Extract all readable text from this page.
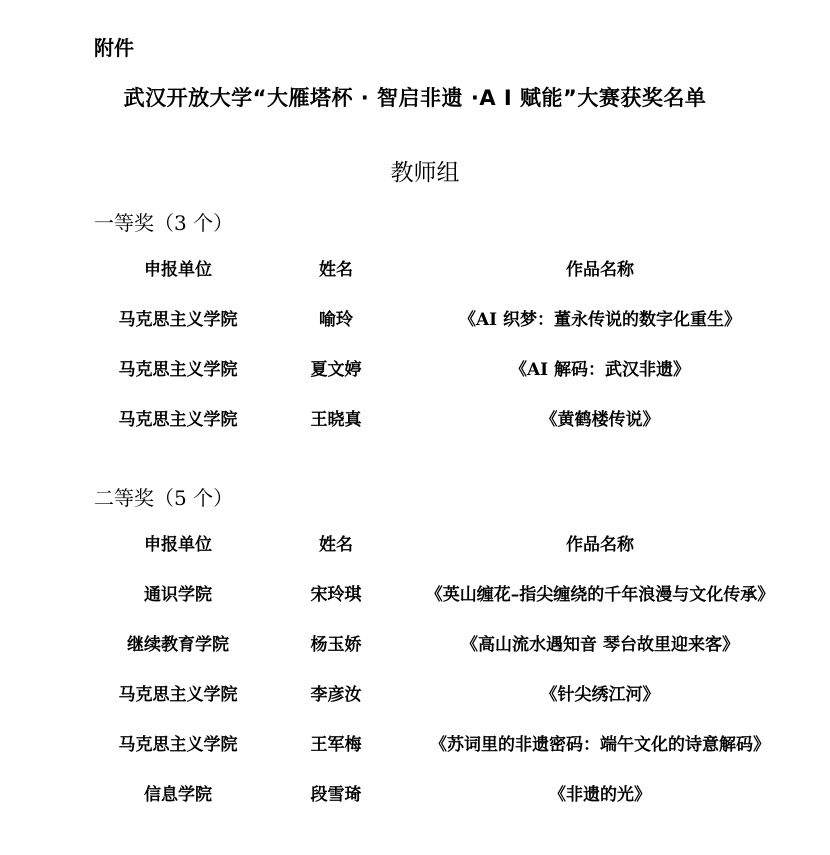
附件
武汉开放大学“大雁塔杯 · 智启非遗 ·A I 赋能”大赛获奖名单
教师组
一等奖（3 个）
申报单位	姓名	作品名称
马克思主义学院	喻玲	《AI 织梦：董永传说的数字化重生》
马克思主义学院	夏文婷	《AI 解码：武汉非遗》
马克思主义学院	王晓真	《黄鹤楼传说》
二等奖（5 个）
申报单位	姓名	作品名称
通识学院	宋玲琪	《英山缠花–指尖缠绕的千年浪漫与文化传承》
继续教育学院	杨玉娇	《高山流水遇知音 琴台故里迎来客》
马克思主义学院	李彦汝	《针尖绣江河》
马克思主义学院	王军梅	《苏词里的非遗密码：端午文化的诗意解码》
信息学院	段雪琦	《非遗的光》
